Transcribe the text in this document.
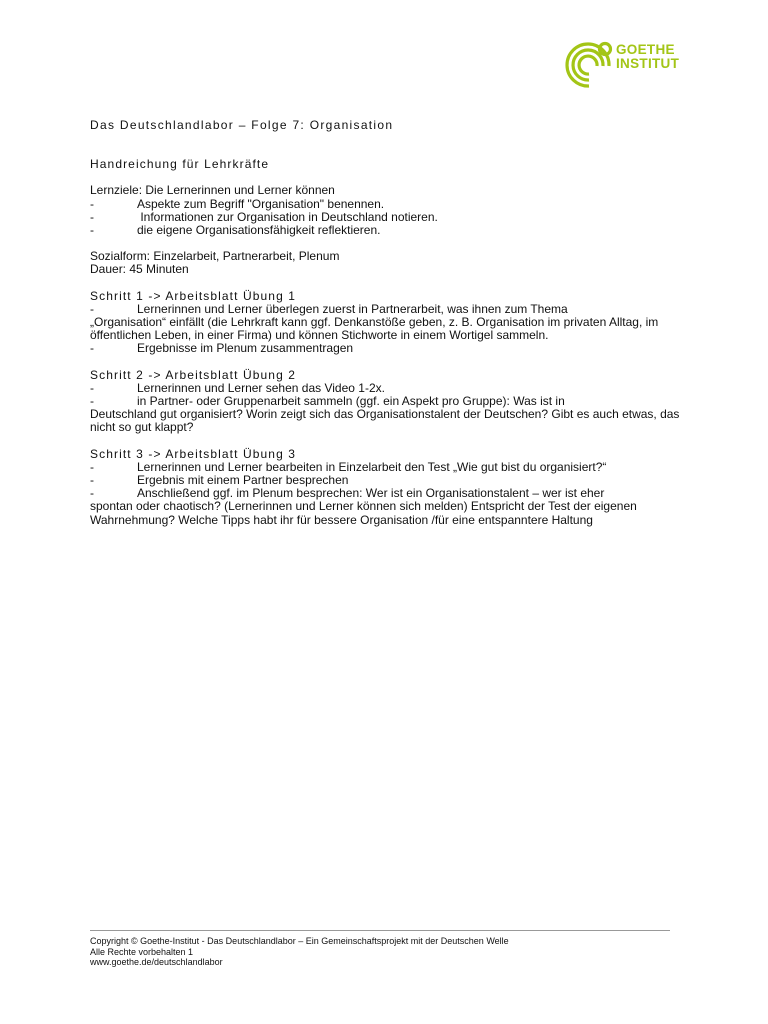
GOETHE
INSTITUT
Das Deutschlandlabor – Folge 7: Organisation
Handreichung für Lehrkräfte
Lernziele: Die Lernerinnen und Lerner können
-	Aspekte zum Begriff "Organisation" benennen.
-	Informationen zur Organisation in Deutschland notieren.
-	die eigene Organisationsfähigkeit reflektieren.
Sozialform: Einzelarbeit, Partnerarbeit, Plenum
Dauer: 45 Minuten
Schritt 1 -> Arbeitsblatt Übung 1
-	Lernerinnen und Lerner überlegen zuerst in Partnerarbeit, was ihnen zum Thema
„Organisation“ einfällt (die Lehrkraft kann ggf. Denkanstöße geben, z. B. Organisation im privaten Alltag, im öffentlichen Leben, in einer Firma) und können Stichworte in einem Wortigel sammeln.
-	Ergebnisse im Plenum zusammentragen
Schritt 2 -> Arbeitsblatt Übung 2
-	Lernerinnen und Lerner sehen das Video 1-2x.
-	in Partner- oder Gruppenarbeit sammeln (ggf. ein Aspekt pro Gruppe): Was ist in
Deutschland gut organisiert? Worin zeigt sich das Organisationstalent der Deutschen? Gibt es auch etwas, das nicht so gut klappt?
Schritt 3 -> Arbeitsblatt Übung 3
-	Lernerinnen und Lerner bearbeiten in Einzelarbeit den Test „Wie gut bist du organisiert?“
-	Ergebnis mit einem Partner besprechen
-	Anschließend ggf. im Plenum besprechen: Wer ist ein Organisationstalent – wer ist eher
spontan oder chaotisch? (Lernerinnen und Lerner können sich melden) Entspricht der Test der eigenen Wahrnehmung? Welche Tipps habt ihr für bessere Organisation /für eine entspanntere Haltung
Copyright © Goethe-Institut - Das Deutschlandlabor – Ein Gemeinschaftsprojekt mit der Deutschen Welle
Alle Rechte vorbehalten 1
www.goethe.de/deutschlandlabor
